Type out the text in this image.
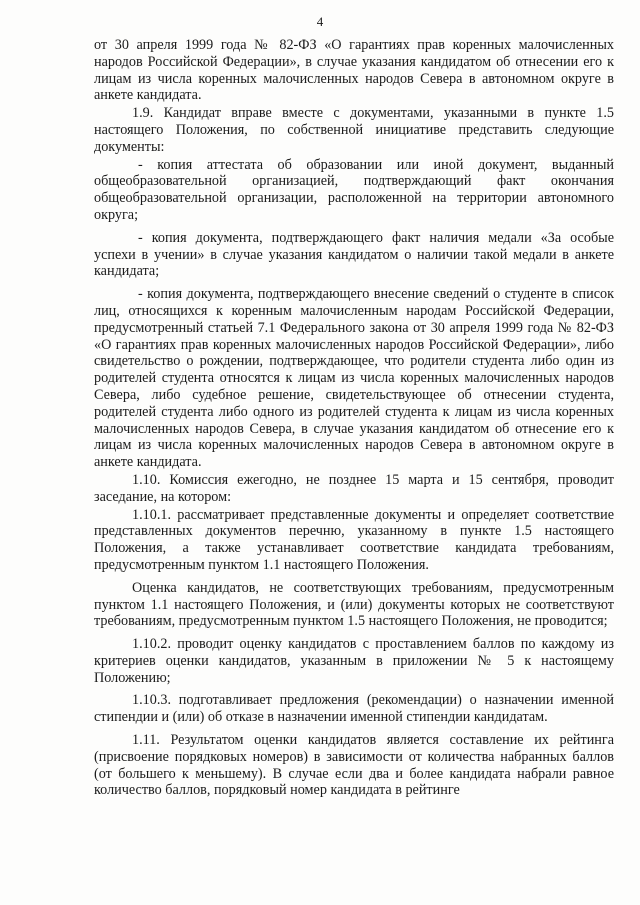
4

от 30 апреля 1999 года № 82-ФЗ «О гарантиях прав коренных малочисленных народов Российской Федерации», в случае указания кандидатом об отнесении его к лицам из числа коренных малочисленных народов Севера в автономном округе в анкете кандидата.

1.9. Кандидат вправе вместе с документами, указанными в пункте 1.5 настоящего Положения, по собственной инициативе представить следующие документы:

- копия аттестата об образовании или иной документ, выданный общеобразовательной организацией, подтверждающий факт окончания общеобразовательной организации, расположенной на территории автономного округа;

- копия документа, подтверждающего факт наличия медали «За особые успехи в учении» в случае указания кандидатом о наличии такой медали в анкете кандидата;

- копия документа, подтверждающего внесение сведений о студенте в список лиц, относящихся к коренным малочисленным народам Российской Федерации, предусмотренный статьей 7.1 Федерального закона от 30 апреля 1999 года № 82-ФЗ «О гарантиях прав коренных малочисленных народов Российской Федерации», либо свидетельство о рождении, подтверждающее, что родители студента либо один из родителей студента относятся к лицам из числа коренных малочисленных народов Севера, либо судебное решение, свидетельствующее об отнесении студента, родителей студента либо одного из родителей студента к лицам из числа коренных малочисленных народов Севера, в случае указания кандидатом об отнесение его к лицам из числа коренных малочисленных народов Севера в автономном округе в анкете кандидата.

1.10. Комиссия ежегодно, не позднее 15 марта и 15 сентября, проводит заседание, на котором:

1.10.1. рассматривает представленные документы и определяет соответствие представленных документов перечню, указанному в пункте 1.5 настоящего Положения, а также устанавливает соответствие кандидата требованиям, предусмотренным пунктом 1.1 настоящего Положения.

Оценка кандидатов, не соответствующих требованиям, предусмотренным пунктом 1.1 настоящего Положения, и (или) документы которых не соответствуют требованиям, предусмотренным пунктом 1.5 настоящего Положения, не проводится;

1.10.2. проводит оценку кандидатов с проставлением баллов по каждому из критериев оценки кандидатов, указанным в приложении № 5 к настоящему Положению;

1.10.3. подготавливает предложения (рекомендации) о назначении именной стипендии и (или) об отказе в назначении именной стипендии кандидатам.

1.11. Результатом оценки кандидатов является составление их рейтинга (присвоение порядковых номеров) в зависимости от количества набранных баллов (от большего к меньшему). В случае если два и более кандидата набрали равное количество баллов, порядковый номер кандидата в рейтинге
